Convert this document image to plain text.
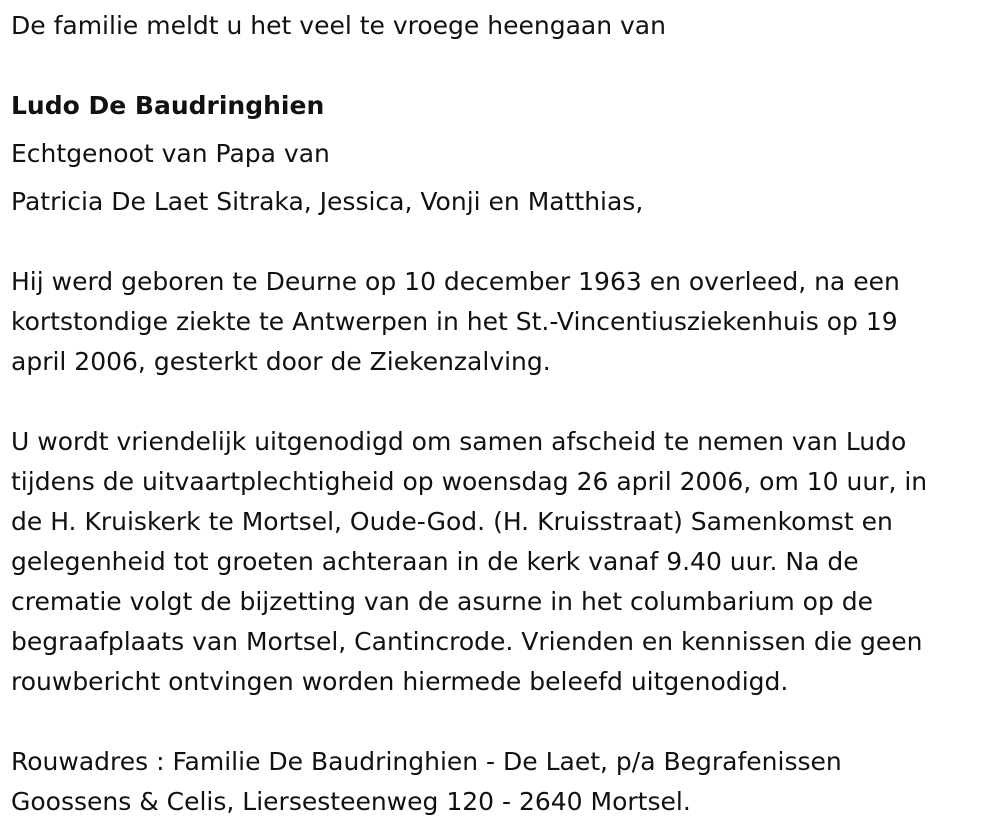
De familie meldt u het veel te vroege heengaan van

Ludo De Baudringhien

Echtgenoot van Papa van

Patricia De Laet Sitraka, Jessica, Vonji en Matthias,

Hij werd geboren te Deurne op 10 december 1963 en overleed, na een

kortstondige ziekte te Antwerpen in het St.-Vincentiusziekenhuis op 19

april 2006, gesterkt door de Ziekenzalving.

U wordt vriendelijk uitgenodigd om samen afscheid te nemen van Ludo

tijdens de uitvaartplechtigheid op woensdag 26 april 2006, om 10 uur, in

de H. Kruiskerk te Mortsel, Oude-God. (H. Kruisstraat) Samenkomst en

gelegenheid tot groeten achteraan in de kerk vanaf 9.40 uur. Na de

crematie volgt de bijzetting van de asurne in het columbarium op de

begraafplaats van Mortsel, Cantincrode. Vrienden en kennissen die geen

rouwbericht ontvingen worden hiermede beleefd uitgenodigd.

Rouwadres : Familie De Baudringhien - De Laet, p/a Begrafenissen

Goossens & Celis, Liersesteenweg 120 - 2640 Mortsel.
